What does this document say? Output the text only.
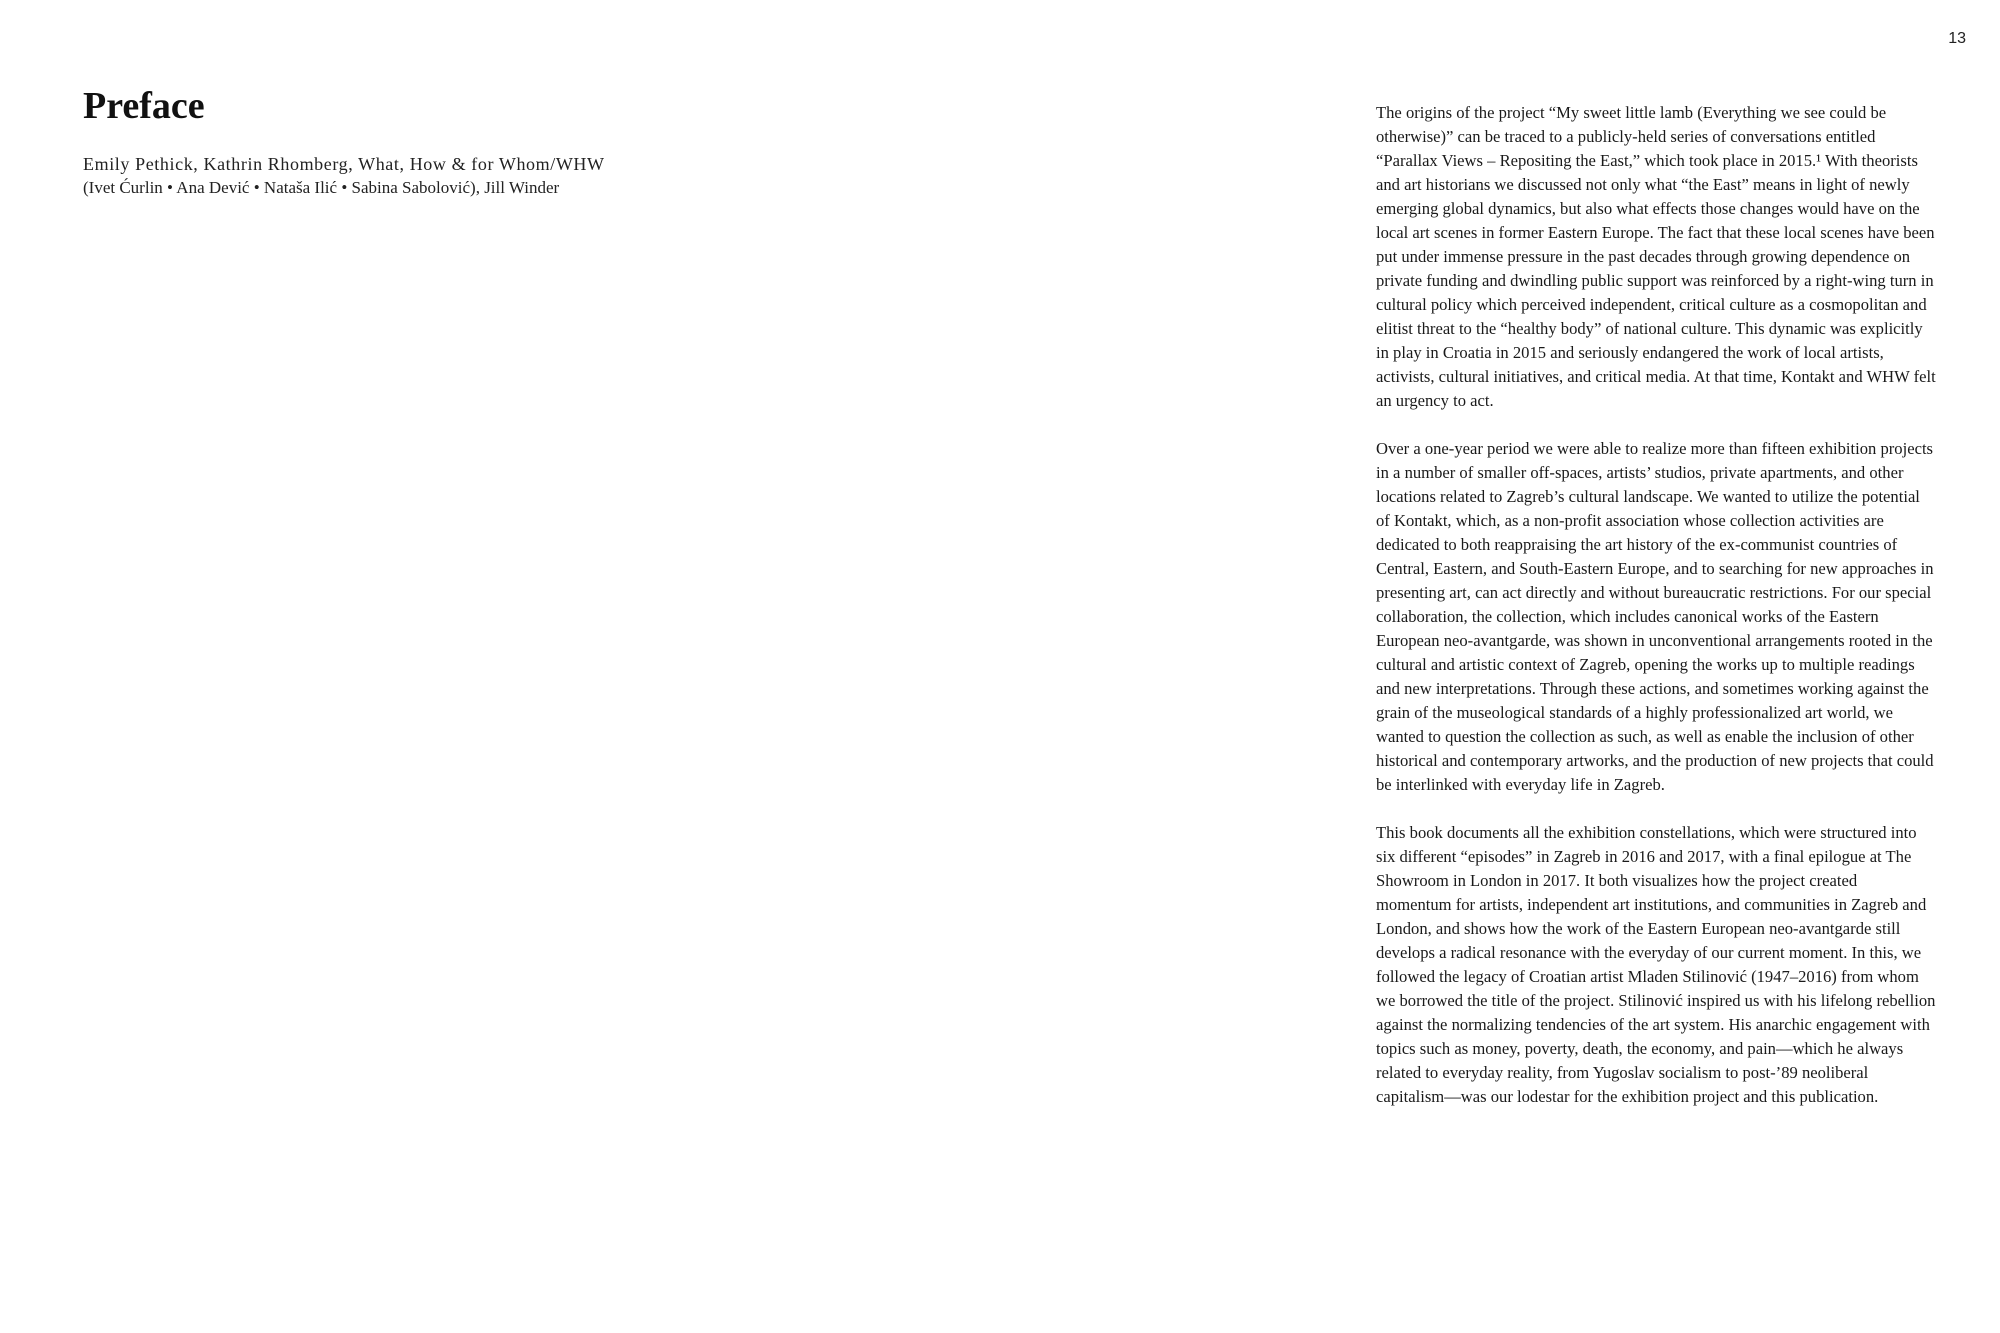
13
Preface
Emily Pethick, Kathrin Rhomberg, What, How & for Whom/WHW
(Ivet Ćurlin • Ana Dević • Nataša Ilić • Sabina Sabolović), Jill Winder

The origins of the project “My sweet little lamb (Everything we see could be otherwise)” can be traced to a publicly-held series of conversations entitled “Parallax Views – Repositing the East,” which took place in 2015.¹ With theorists and art historians we discussed not only what “the East” means in light of newly emerging global dynamics, but also what effects those changes would have on the local art scenes in former Eastern Europe. The fact that these local scenes have been put under immense pressure in the past decades through growing dependence on private funding and dwindling public support was reinforced by a right-wing turn in cultural policy which perceived independent, critical culture as a cosmopolitan and elitist threat to the “healthy body” of national culture. This dynamic was explicitly in play in Croatia in 2015 and seriously endangered the work of local artists, activists, cultural initiatives, and critical media. At that time, Kontakt and WHW felt an urgency to act.

Over a one-year period we were able to realize more than fifteen exhibition projects in a number of smaller off-spaces, artists’ studios, private apartments, and other locations related to Zagreb’s cultural landscape. We wanted to utilize the potential of Kontakt, which, as a non-profit association whose collection activities are dedicated to both reappraising the art history of the ex-communist countries of Central, Eastern, and South-Eastern Europe, and to searching for new approaches in presenting art, can act directly and without bureaucratic restrictions. For our special collaboration, the collection, which includes canonical works of the Eastern European neo-avantgarde, was shown in unconventional arrangements rooted in the cultural and artistic context of Zagreb, opening the works up to multiple readings and new interpretations. Through these actions, and sometimes working against the grain of the museological standards of a highly professionalized art world, we wanted to question the collection as such, as well as enable the inclusion of other historical and contemporary artworks, and the production of new projects that could be interlinked with everyday life in Zagreb.

This book documents all the exhibition constellations, which were structured into six different “episodes” in Zagreb in 2016 and 2017, with a final epilogue at The Showroom in London in 2017. It both visualizes how the project created momentum for artists, independent art institutions, and communities in Zagreb and London, and shows how the work of the Eastern European neo-avantgarde still develops a radical resonance with the everyday of our current moment. In this, we followed the legacy of Croatian artist Mladen Stilinović (1947–2016) from whom we borrowed the title of the project. Stilinović inspired us with his lifelong rebellion against the normalizing tendencies of the art system. His anarchic engagement with topics such as money, poverty, death, the economy, and pain—which he always related to everyday reality, from Yugoslav socialism to post-’89 neoliberal capitalism—was our lodestar for the exhibition project and this publication.
